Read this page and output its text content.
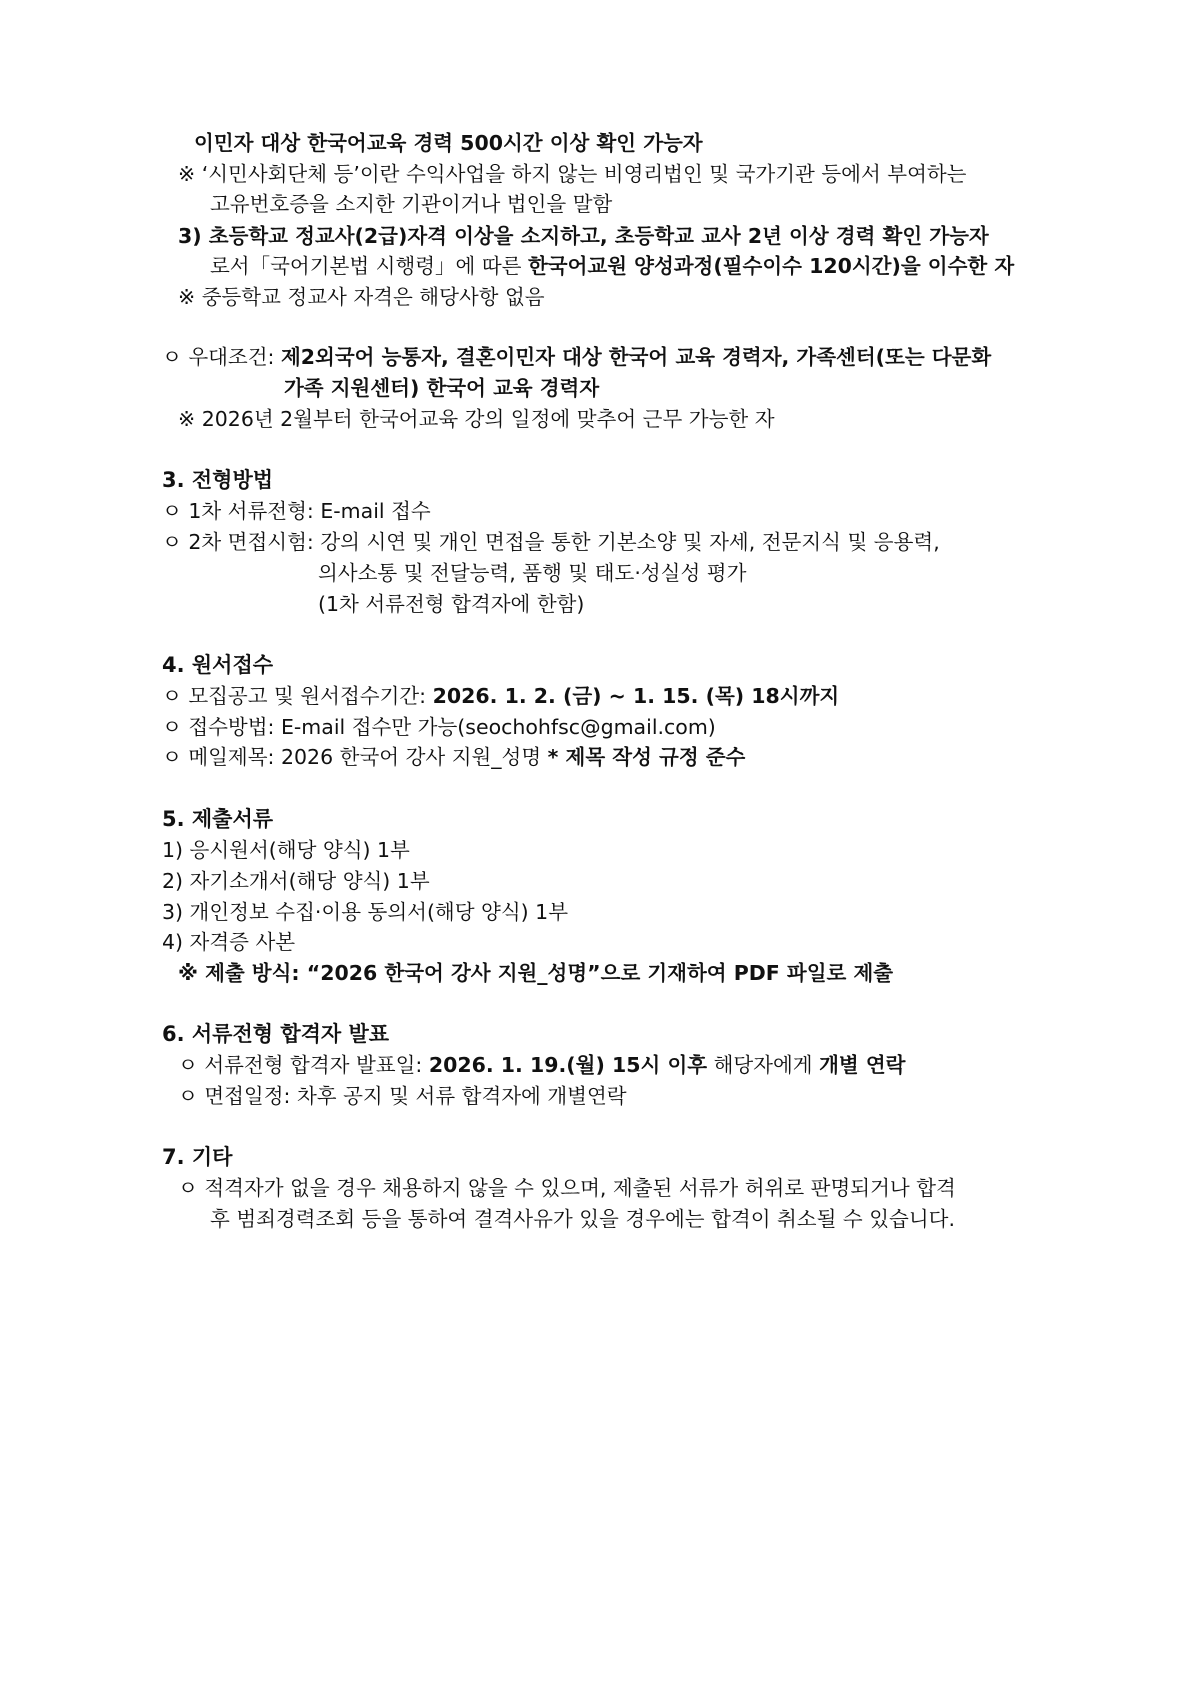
이민자 대상 한국어교육 경력 500시간 이상 확인 가능자
※ ‘시민사회단체 등’이란 수익사업을 하지 않는 비영리법인 및 국가기관 등에서 부여하는
고유번호증을 소지한 기관이거나 법인을 말함
3) 초등학교 정교사(2급)자격 이상을 소지하고, 초등학교 교사 2년 이상 경력 확인 가능자
로서「국어기본법 시행령」에 따른 한국어교원 양성과정(필수이수 120시간)을 이수한 자
※ 중등학교 정교사 자격은 해당사항 없음
ㅇ 우대조건: 제2외국어 능통자, 결혼이민자 대상 한국어 교육 경력자, 가족센터(또는 다문화
가족 지원센터) 한국어 교육 경력자
※ 2026년 2월부터 한국어교육 강의 일정에 맞추어 근무 가능한 자
3. 전형방법
ㅇ 1차 서류전형: E-mail 접수
ㅇ 2차 면접시험: 강의 시연 및 개인 면접을 통한 기본소양 및 자세, 전문지식 및 응용력,
의사소통 및 전달능력, 품행 및 태도·성실성 평가
(1차 서류전형 합격자에 한함)
4. 원서접수
ㅇ 모집공고 및 원서접수기간: 2026. 1. 2. (금) ~ 1. 15. (목) 18시까지
ㅇ 접수방법: E-mail 접수만 가능(seochohfsc@gmail.com)
ㅇ 메일제목: 2026 한국어 강사 지원_성명 * 제목 작성 규정 준수
5. 제출서류
1) 응시원서(해당 양식) 1부
2) 자기소개서(해당 양식) 1부
3) 개인정보 수집·이용 동의서(해당 양식) 1부
4) 자격증 사본
※ 제출 방식: “2026 한국어 강사 지원_성명”으로 기재하여 PDF 파일로 제출
6. 서류전형 합격자 발표
ㅇ 서류전형 합격자 발표일: 2026. 1. 19.(월) 15시 이후 해당자에게 개별 연락
ㅇ 면접일정: 차후 공지 및 서류 합격자에 개별연락
7. 기타
ㅇ 적격자가 없을 경우 채용하지 않을 수 있으며, 제출된 서류가 허위로 판명되거나 합격
후 범죄경력조회 등을 통하여 결격사유가 있을 경우에는 합격이 취소될 수 있습니다.
